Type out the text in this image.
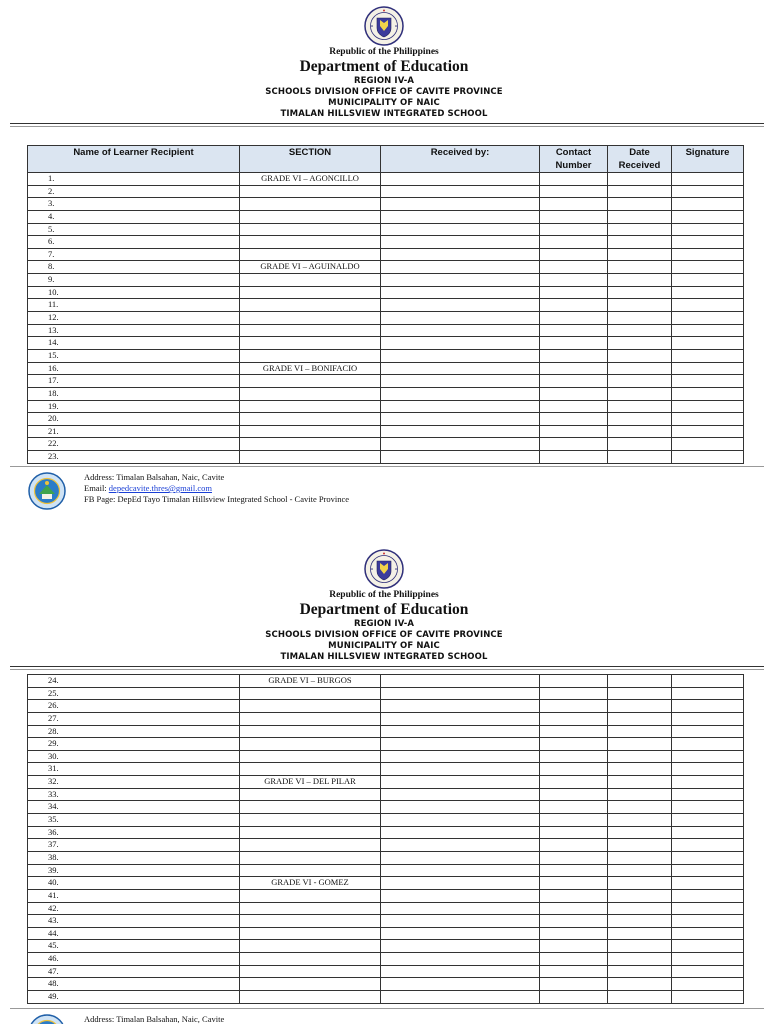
Republic of the Philippines
Department of Education
REGION IV-A
SCHOOLS DIVISION OFFICE OF CAVITE PROVINCE
MUNICIPALITY OF NAIC
TIMALAN HILLSVIEW INTEGRATED SCHOOL
Name of Learner Recipient	SECTION	Received by:	Contact Number	Date Received	Signature
1.	GRADE VI – AGONCILLO				
2.					
3.					
4.					
5.					
6.					
7.					
8.	GRADE VI – AGUINALDO				
9.					
10.					
11.					
12.					
13.					
14.					
15.					
16.	GRADE VI – BONIFACIO				
17.					
18.					
19.					
20.					
21.					
22.					
23.					
Address: Timalan Balsahan, Naic, Cavite
Email: depedcavite.thres@gmail.com
FB Page: DepEd Tayo Timalan Hillsview Integrated School - Cavite Province
Republic of the Philippines
Department of Education
REGION IV-A
SCHOOLS DIVISION OFFICE OF CAVITE PROVINCE
MUNICIPALITY OF NAIC
TIMALAN HILLSVIEW INTEGRATED SCHOOL
24.	GRADE VI – BURGOS				
25.					
26.					
27.					
28.					
29.					
30.					
31.					
32.	GRADE VI – DEL PILAR				
33.					
34.					
35.					
36.					
37.					
38.					
39.					
40.	GRADE VI - GOMEZ				
41.					
42.					
43.					
44.					
45.					
46.					
47.					
48.					
49.					
Address: Timalan Balsahan, Naic, Cavite
